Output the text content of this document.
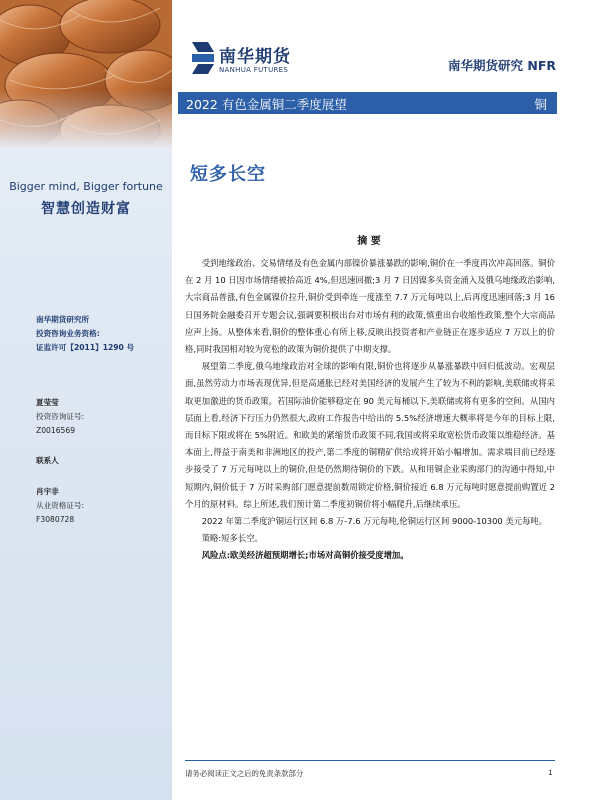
Bigger mind, Bigger fortune
智慧创造财富
南华期货研究所
投资咨询业务资格:
证监许可【2011】1290 号
夏莹莹
投资咨询证号:
Z0016569
联系人
肖宇非
从业资格证号:
F3080728
南华期货
NANHUA FUTURES	南华期货研究 NFR
2022 有色金属铜二季度展望	铜
短多长空
摘 要

受到地缘政治、交易情绪及有色金属内部镍价暴涨暴跌的影响,铜价在一季度再次冲高回落。铜价在 2 月 10 日因市场情绪被抬高近 4%,但迅速回撤;3 月 7 日因镍多头资金涌入及俄乌地缘政治影响,大宗商品普涨,有色金属镍价拉升,铜价受到牵连一度涨至 7.7 万元每吨以上,后再度迅速回落;3 月 16 日国务院金融委召开专题会议,强调要积极出台对市场有利的政策,慎重出台收缩性政策,整个大宗商品应声上扬。从整体来看,铜价的整体重心有所上移,反映出投资者和产业链正在逐步适应 7 万以上的价格,同时我国相对较为宽松的政策为铜价提供了中期支撑。

展望第二季度,俄乌地缘政治对全球的影响有限,铜价也将逐步从暴涨暴跌中回归低波动。宏观层面,虽然劳动力市场表现优异,但是高通胀已经对美国经济的发展产生了较为不利的影响,美联储或将采取更加激进的货币政策。若国际油价能够稳定在 90 美元每桶以下,美联储或将有更多的空间。从国内层面上看,经济下行压力仍然很大,政府工作报告中给出的 5.5%经济增速大概率将是今年的目标上限,而目标下限或将在 5%附近。和欧美的紧缩货币政策不同,我国或将采取宽松货币政策以维稳经济。基本面上,得益于南美和非洲地区的投产,第二季度的铜精矿供给或将开始小幅增加。需求端目前已经逐步接受了 7 万元每吨以上的铜价,但是仍然期待铜价的下跌。从和用铜企业采购部门的沟通中得知,中短期内,铜价低于 7 万时采购部门愿意提前数周锁定价格,铜价接近 6.8 万元每吨时愿意提前购置近 2 个月的原材料。综上所述,我们预计第二季度初铜价将小幅爬升,后继续承压。

2022 年第二季度沪铜运行区间 6.8 万-7.6 万元每吨,伦铜运行区间 9000-10300 美元每吨。

策略:短多长空。

风险点:欧美经济超预期增长;市场对高铜价接受度增加。

请务必阅读正文之后的免责条款部分	1
